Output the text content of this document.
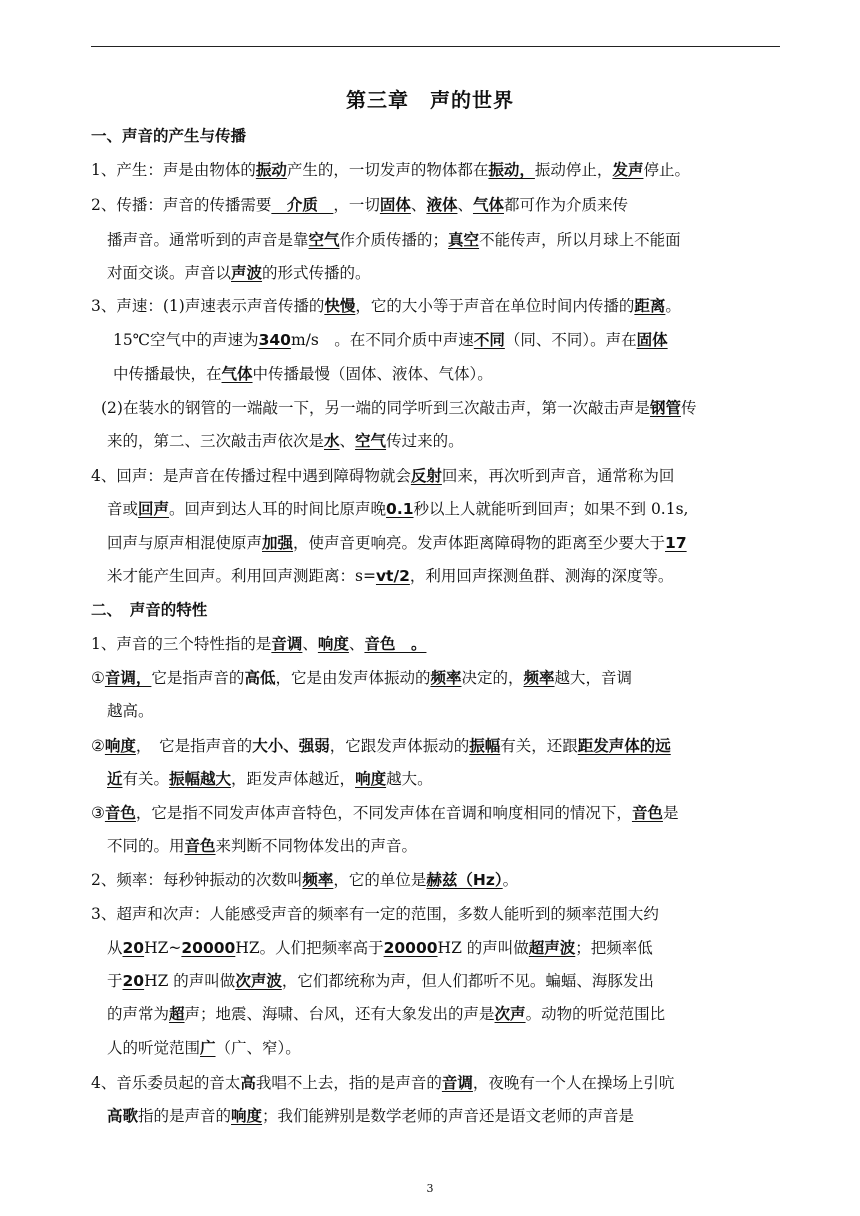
第三章　声的世界
一、声音的产生与传播
1、产生：声是由物体的振动产生的，一切发声的物体都在振动，振动停止，发声停止。
2、传播：声音的传播需要　介质　，一切固体、液体、气体都可作为介质来传
播声音。通常听到的声音是靠空气作介质传播的；真空不能传声，所以月球上不能面
对面交谈。声音以声波的形式传播的。
3、声速：(1)声速表示声音传播的快慢，它的大小等于声音在单位时间内传播的距离。
15℃空气中的声速为340m/s　。在不同介质中声速不同（同、不同）。声在固体
中传播最快，在气体中传播最慢（固体、液体、气体）。
(2)在装水的钢管的一端敲一下，另一端的同学听到三次敲击声，第一次敲击声是钢管传
来的，第二、三次敲击声依次是水、空气传过来的。
4、回声：是声音在传播过程中遇到障碍物就会反射回来，再次听到声音，通常称为回
音或回声。回声到达人耳的时间比原声晚0.1秒以上人就能听到回声；如果不到 0.1s,
回声与原声相混使原声加强，使声音更响亮。发声体距离障碍物的距离至少要大于17
米才能产生回声。利用回声测距离：s=vt/2，利用回声探测鱼群、测海的深度等。
二、　声音的特性
1、声音的三个特性指的是音调、响度、音色　。
①音调，它是指声音的高低，它是由发声体振动的频率决定的，频率越大，音调
越高。
②响度，　它是指声音的大小、强弱，它跟发声体振动的振幅有关，还跟距发声体的远
近有关。振幅越大，距发声体越近，响度越大。
③音色，它是指不同发声体声音特色，不同发声体在音调和响度相同的情况下，音色是
不同的。用音色来判断不同物体发出的声音。
2、频率：每秒钟振动的次数叫频率，它的单位是赫兹（Hz）。
3、超声和次声：人能感受声音的频率有一定的范围，多数人能听到的频率范围大约
从20HZ~20000HZ。人们把频率高于20000HZ 的声叫做超声波；把频率低
于20HZ 的声叫做次声波，它们都统称为声，但人们都听不见。蝙蝠、海豚发出
的声常为超声；地震、海啸、台风，还有大象发出的声是次声。动物的听觉范围比
人的听觉范围广（广、窄）。
4、音乐委员起的音太高我唱不上去，指的是声音的音调，夜晚有一个人在操场上引吭
高歌指的是声音的响度；我们能辨别是数学老师的声音还是语文老师的声音是
3
